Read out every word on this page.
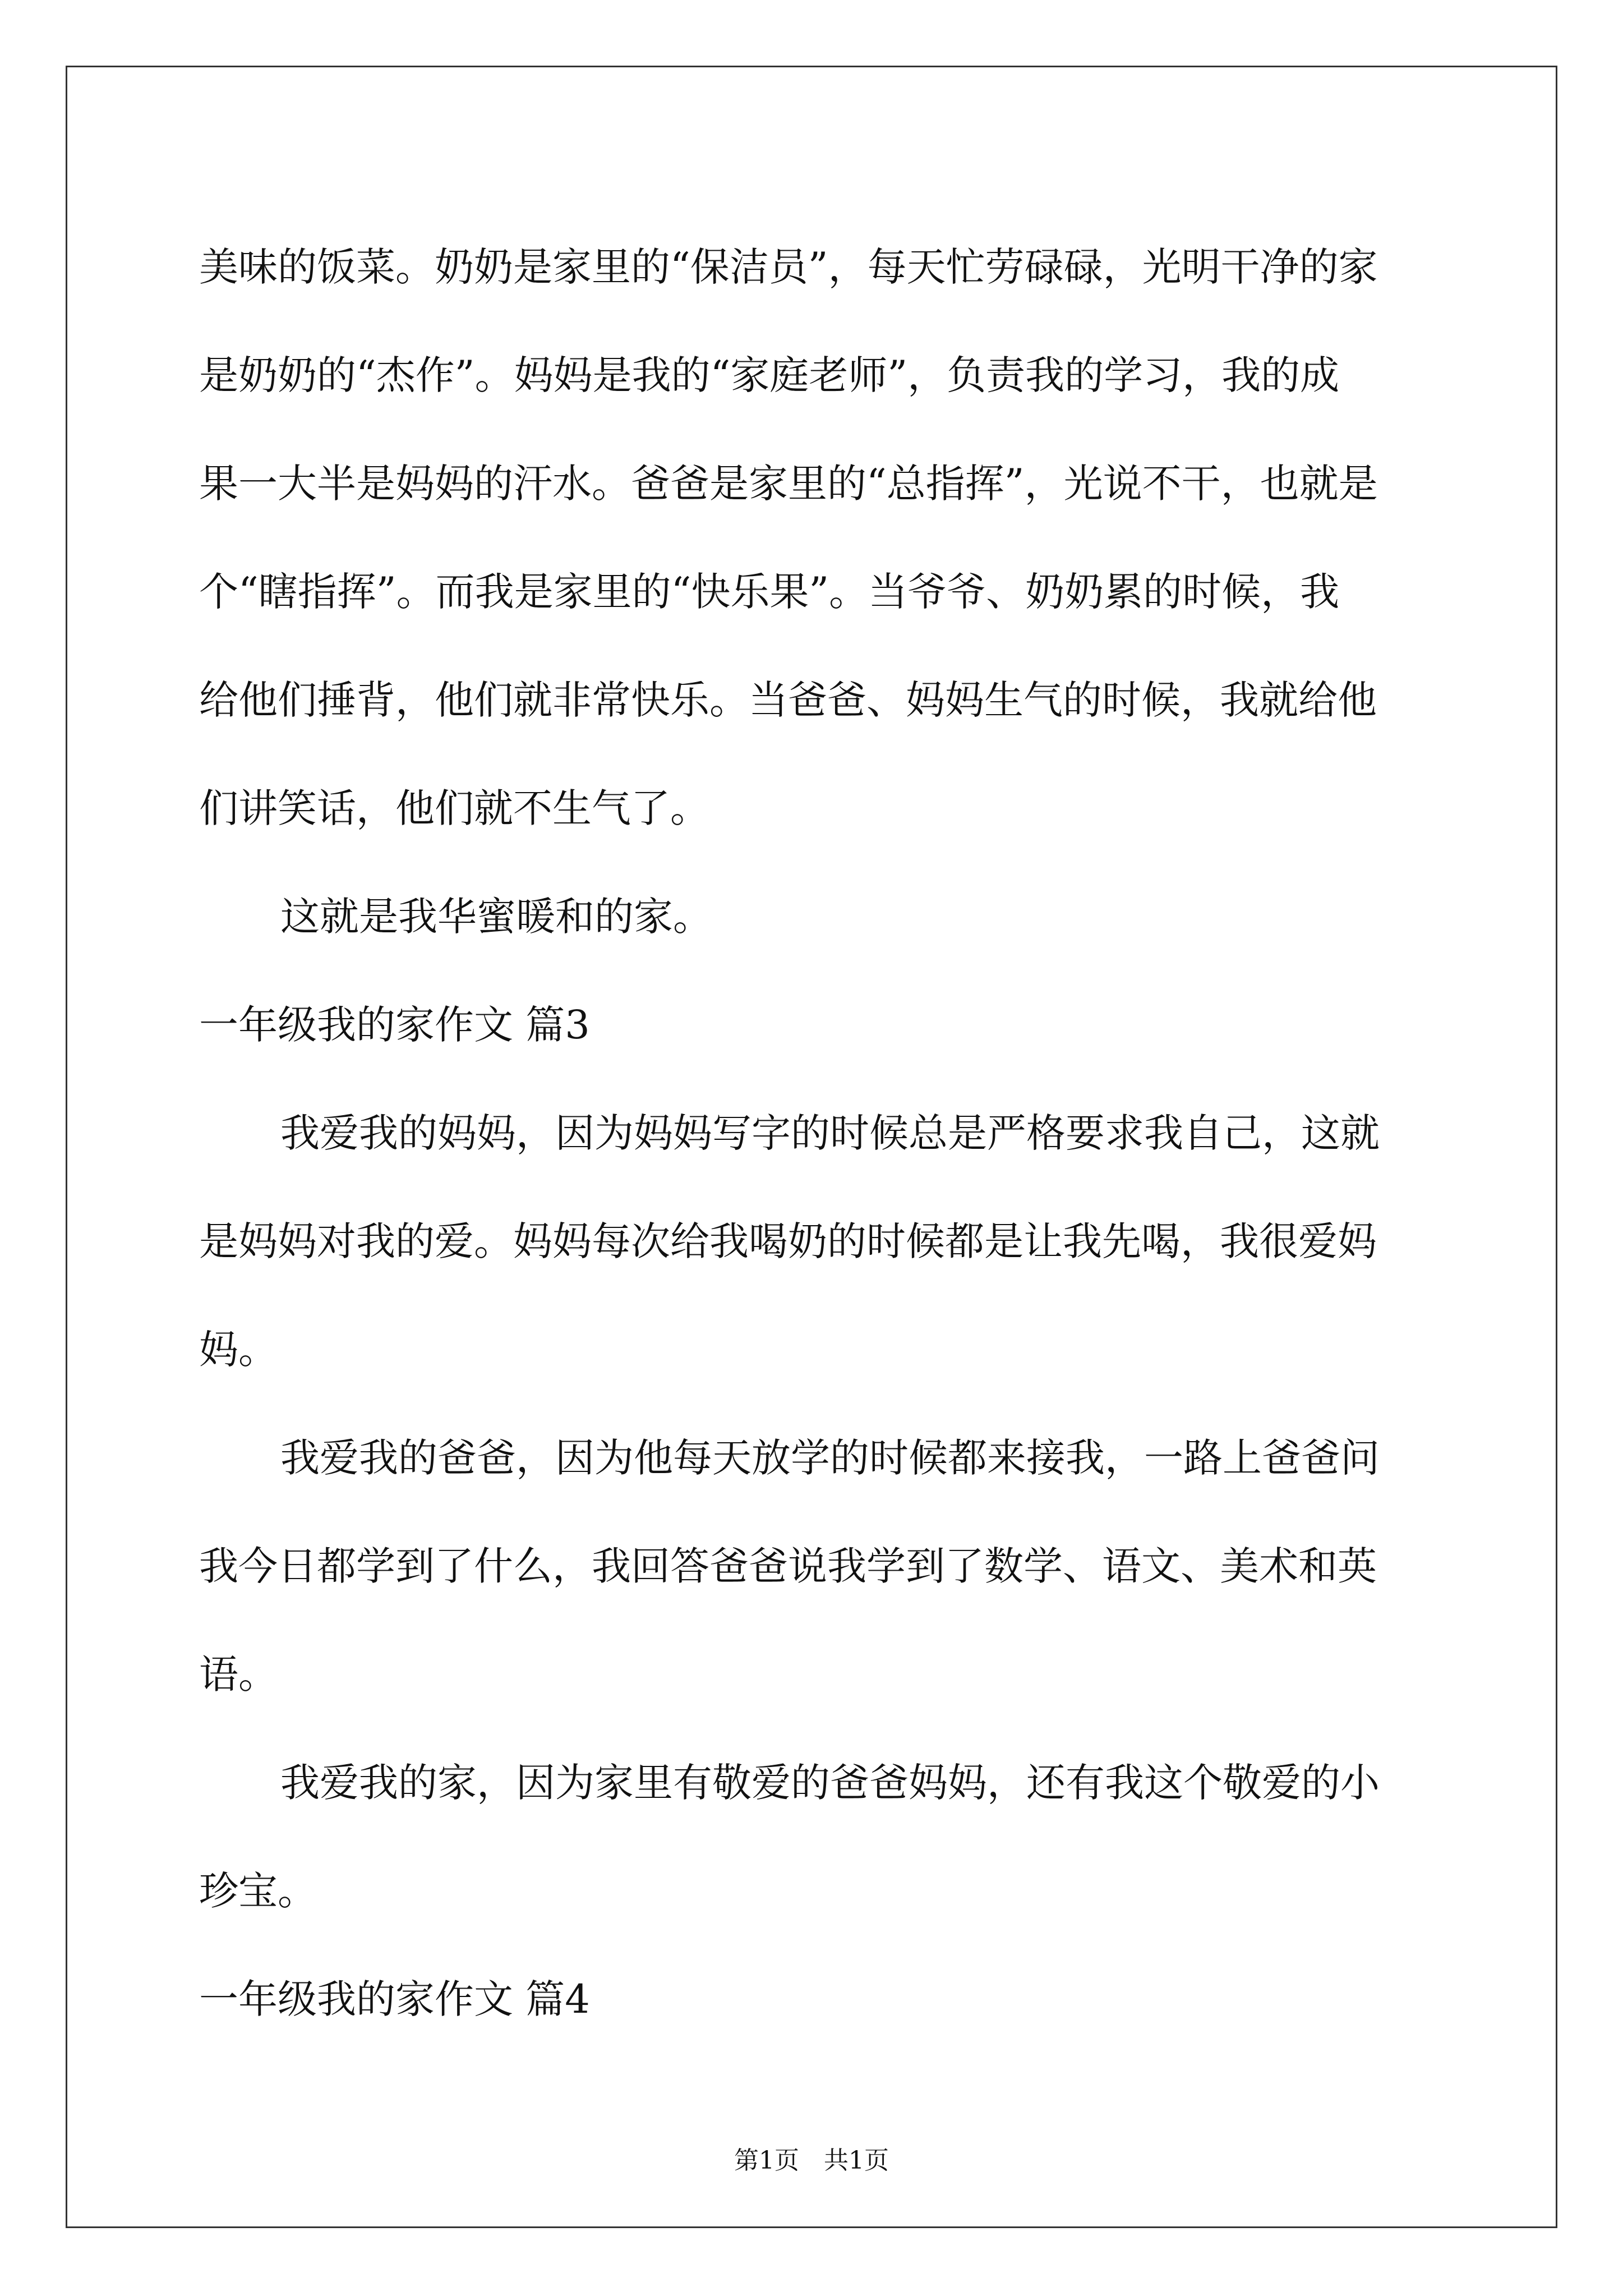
美味的饭菜。奶奶是家里的“保洁员”，每天忙劳碌碌，光明干净的家
是奶奶的“杰作”。妈妈是我的“家庭老师”，负责我的学习，我的成
果一大半是妈妈的汗水。爸爸是家里的“总指挥”，光说不干，也就是
个“瞎指挥”。而我是家里的“快乐果”。当爷爷、奶奶累的时候，我
给他们捶背，他们就非常快乐。当爸爸、妈妈生气的时候，我就给他
们讲笑话，他们就不生气了。
这就是我华蜜暖和的家。
一年级我的家作文 篇3
我爱我的妈妈，因为妈妈写字的时候总是严格要求我自己，这就
是妈妈对我的爱。妈妈每次给我喝奶的时候都是让我先喝，我很爱妈
妈。
我爱我的爸爸，因为他每天放学的时候都来接我，一路上爸爸问
我今日都学到了什么，我回答爸爸说我学到了数学、语文、美术和英
语。
我爱我的家，因为家里有敬爱的爸爸妈妈，还有我这个敬爱的小
珍宝。
一年级我的家作文 篇4
第1页　共1页
